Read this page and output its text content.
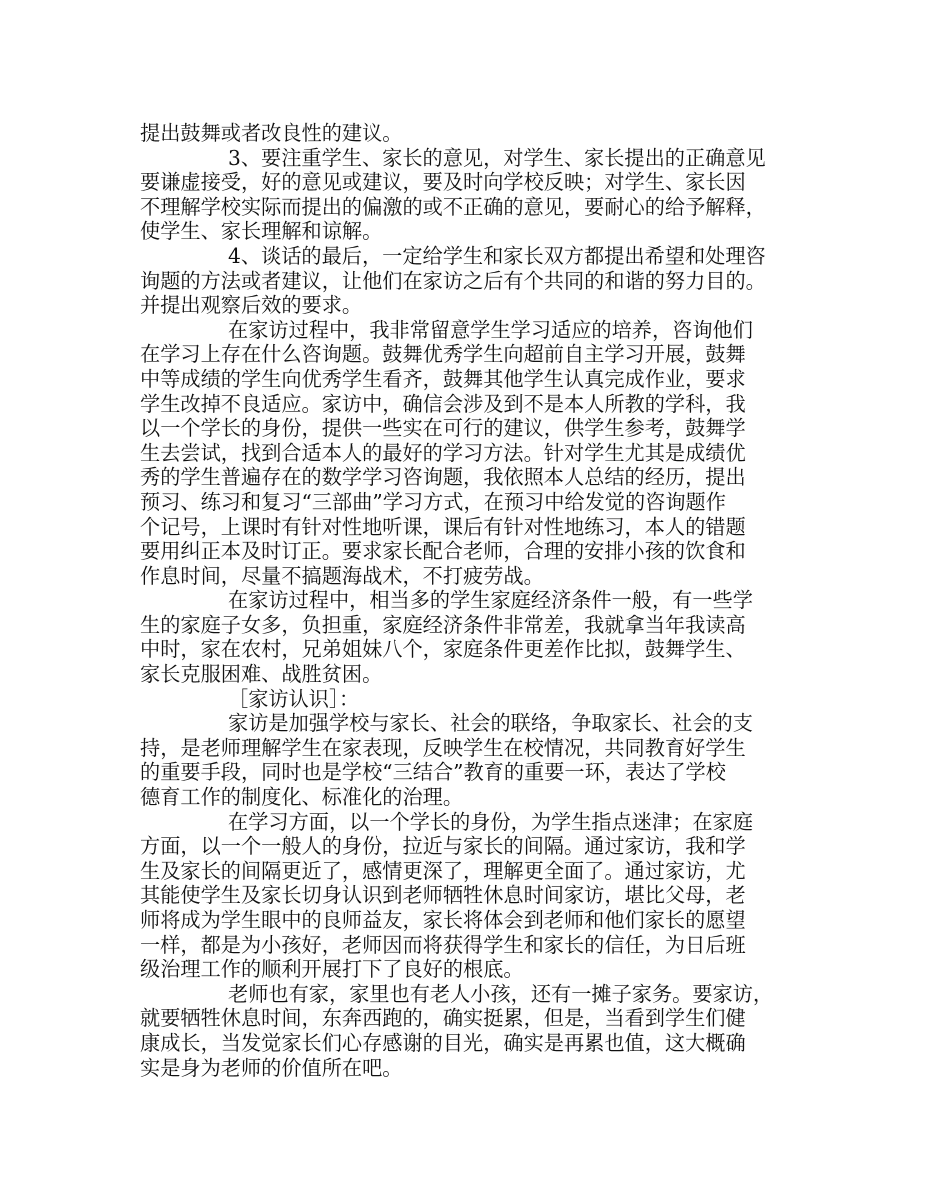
提出鼓舞或者改良性的建议。
3、要注重学生、家长的意见，对学生、家长提出的正确意见
要谦虚接受，好的意见或建议，要及时向学校反映；对学生、家长因
不理解学校实际而提出的偏激的或不正确的意见，要耐心的给予解释，
使学生、家长理解和谅解。
4、谈话的最后，一定给学生和家长双方都提出希望和处理咨
询题的方法或者建议，让他们在家访之后有个共同的和谐的努力目的。
并提出观察后效的要求。
在家访过程中，我非常留意学生学习适应的培养，咨询他们
在学习上存在什么咨询题。鼓舞优秀学生向超前自主学习开展，鼓舞
中等成绩的学生向优秀学生看齐，鼓舞其他学生认真完成作业，要求
学生改掉不良适应。家访中，确信会涉及到不是本人所教的学科，我
以一个学长的身份，提供一些实在可行的建议，供学生参考，鼓舞学
生去尝试，找到合适本人的最好的学习方法。针对学生尤其是成绩优
秀的学生普遍存在的数学学习咨询题，我依照本人总结的经历，提出
预习、练习和复习“三部曲”学习方式，在预习中给发觉的咨询题作
个记号，上课时有针对性地听课，课后有针对性地练习，本人的错题
要用纠正本及时订正。要求家长配合老师，合理的安排小孩的饮食和
作息时间，尽量不搞题海战术，不打疲劳战。
在家访过程中，相当多的学生家庭经济条件一般，有一些学
生的家庭子女多，负担重，家庭经济条件非常差，我就拿当年我读高
中时，家在农村，兄弟姐妹八个，家庭条件更差作比拟，鼓舞学生、
家长克服困难、战胜贫困。
［家访认识］：
家访是加强学校与家长、社会的联络，争取家长、社会的支
持，是老师理解学生在家表现，反映学生在校情况，共同教育好学生
的重要手段，同时也是学校“三结合”教育的重要一环，表达了学校
德育工作的制度化、标准化的治理。
在学习方面，以一个学长的身份，为学生指点迷津；在家庭
方面，以一个一般人的身份，拉近与家长的间隔。通过家访，我和学
生及家长的间隔更近了，感情更深了，理解更全面了。通过家访，尤
其能使学生及家长切身认识到老师牺牲休息时间家访，堪比父母，老
师将成为学生眼中的良师益友，家长将体会到老师和他们家长的愿望
一样，都是为小孩好，老师因而将获得学生和家长的信任，为日后班
级治理工作的顺利开展打下了良好的根底。
老师也有家，家里也有老人小孩，还有一摊子家务。要家访，
就要牺牲休息时间，东奔西跑的，确实挺累，但是，当看到学生们健
康成长，当发觉家长们心存感谢的目光，确实是再累也值，这大概确
实是身为老师的价值所在吧。
